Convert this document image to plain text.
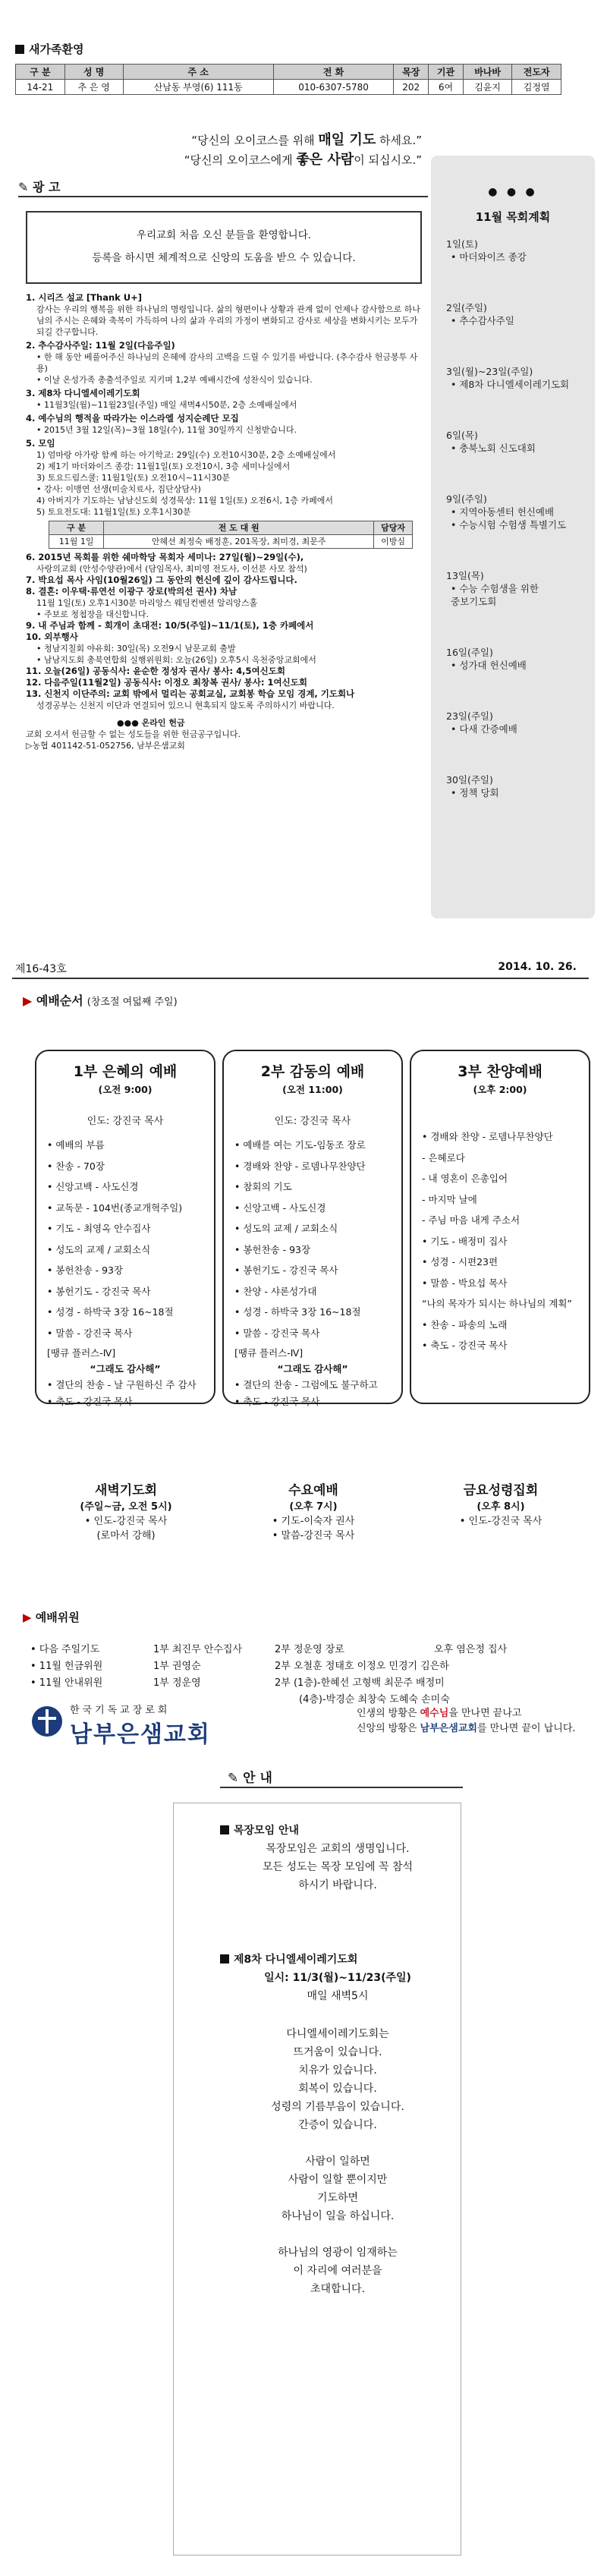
새가족환영
구 분	성 명	주 소	전 화	목장	기관	바나바	전도자
14-21	추 은 영	산남동 부영(6) 111동	010-6307-5780	202	6여	김윤지	김정열
“당신의 오이코스를 위해 매일 기도 하세요.”
“당신의 오이코스에게 좋은 사람이 되십시오.”
✎ 광 고
우리교회 처음 오신 분들을 환영합니다.
등록을 하시면 체계적으로 신앙의 도움을 받으 수 있습니다.

1. 시리즈 설교 [Thank U+]

감사는 우리의 행복을 위한 하나님의 명령입니다. 삶의 형편이나 상황과 관계 없이 언제나 감사함으로 하나님의 주시는 은혜와 축복이 가득하여 나의 삶과 우리의 가정이 변화되고 감사로 세상을 변화시키는 모두가 되길 간구합니다.

2. 추수감사주일: 11월 2일(다음주일)

• 한 해 동안 베풀어주신 하나님의 은혜에 감사의 고백을 드릴 수 있기를 바랍니다. (추수감사 헌금봉투 사용)

• 이날 온성가족 총출석주일로 지키며 1,2부 예배시간에 성찬식이 있습니다.

3. 제8차 다니엘세이레기도회

• 11월3일(월)~11월23일(주일) 매일 새벽4시50분, 2층 소예배실에서

4. 예수님의 행적을 따라가는 이스라엘 성지순례단 모집

• 2015년 3월 12일(목)~3월 18일(수), 11월 30일까지 신청받습니다.

5. 모임

1) 엄마랑 아가랑 함께 하는 아기학교: 29일(수) 오전10시30분, 2층 소예배실에서

2) 제1기 마더와이즈 종강: 11월1일(토) 오전10시, 3층 세미나실에서

3) 토요드림스쿨: 11월1일(토) 오전10시~11시30분

• 강사: 이맹연 선생(미술치료사, 집단상담사)

4) 아버지가 기도하는 남남신도회 성경묵상: 11월 1일(토) 오전6시, 1층 카페에서

5) 토요전도대: 11월1일(토) 오후1시30분

구 분	전 도 대 원	담당자
11월 1일	안혜선 최정숙 배정훈, 201목장, 최미경, 최문주	이방심

6. 2015년 목회를 위한 쉐마학당 목회자 세미나: 27일(월)~29일(수),

사랑의교회 (안성수양관)에서 (담임목사, 최미영 전도사, 이선분 사모 참석)

7. 박요섭 목사 사임(10월26일) 그 동안의 헌신에 깊이 감사드립니다.

8. 결혼: 이우택·류연선 이광구 장로(박의선 권사) 차남

11월 1일(토) 오후1시30분 마리앙스 웨딩컨벤션 알리앙스홀

• 주보로 청첩장을 대신합니다.

9. 내 주님과 함께 - 회개이 초대전: 10/5(주일)~11/1(토), 1층 카페에서

10. 외부행사

• 청남지칠회 야유회: 30일(목) 오전9시 남문교회 출발

• 남남지도회 총북연합회 실행위원회: 오늘(26일) 오후5시 옥천중앙교회에서

11. 오늘(26일) 공동식사: 윤순한 정성자 권사/ 봉사: 4,5여신도회

12. 다음주일(11월2일) 공동식사: 이정오 최창복 권사/ 봉사: 1여신도회

13. 신천지 이단주의: 교회 밖에서 멀리는 공회교실, 교회봉 학습 모임 경계, 기도회나

성경공부는 신천지 이단과 연결되어 있으니 현혹되지 않도록 주의하시기 바랍니다.

●●● 온라인 헌금

교회 오셔서 헌금할 수 없는 성도들을 위한 헌금공구입니다.

▷농협 401142-51-052756, 남부은샘교회

● ● ●
11월 목회계획
1일(토)
• 마더와이즈 종강
2일(주일)
• 추수감사주일
3일(월)~23일(주일)
• 제8차 다니엘세이레기도회
6일(목)
• 충북노회 신도대회
9일(주일)
• 지역아동센터 헌신예배
• 수능시험 수험생 특별기도
13일(목)
• 수능 수험생을 위한
중보기도회
16일(주일)
• 성가대 헌신예배
23일(주일)
• 다새 간증예배
30일(주일)
• 정책 당회
제16-43호	2014. 10. 26.
▶ 예배순서 (창조절 여덟째 주일)
1부 은혜의 예배
(오전 9:00)
인도: 강진국 목사
• 예배의 부름
• 찬송 - 70장
• 신앙고백 - 사도신경
• 교독문 - 104번(종교개혁주일)
• 기도 - 최영옥 안수집사
• 성도의 교제 / 교회소식
• 봉헌찬송 - 93장
• 봉헌기도 - 강진국 목사
• 성경 - 하박국 3장 16~18절
• 말씀 - 강진국 목사
[땡큐 플러스-Ⅳ]
“그래도 감사해”
• 결단의 찬송 - 날 구원하신 주 감사
• 축도 - 강진국 목사
2부 감동의 예배
(오전 11:00)
인도: 강진국 목사
• 예배를 여는 기도-임동조 장로
• 경배와 찬양 - 로뎀나무찬양단
• 참회의 기도
• 신앙고백 - 사도신경
• 성도의 교제 / 교회소식
• 봉헌찬송 - 93장
• 봉헌기도 - 강진국 목사
• 찬양 - 샤론성가대
• 성경 - 하박국 3장 16~18절
• 말씀 - 강진국 목사
[땡큐 플러스-Ⅳ]
“그래도 감사해”
• 결단의 찬송 - 그럼에도 불구하고
• 축도 - 강진국 목사
3부 찬양예배
(오후 2:00)
• 경배와 찬양 - 로뎀나무찬양단
- 은혜로다
- 내 영혼이 은총입어
- 마지막 날에
- 주님 마음 내게 주소서
• 기도 - 배정미 집사
• 성경 - 시편23편
• 말씀 - 박요섭 목사
“나의 목자가 되시는 하나님의 계획”
• 찬송 - 파송의 노래
• 축도 - 강진국 목사
새벽기도회
(주일~금, 오전 5시)
• 인도-강진국 목사
(로마서 강해)
수요예배
(오후 7시)
• 기도-이숙자 권사
• 말씀-강진국 목사
금요성령집회
(오후 8시)
• 인도-강진국 목사
▶ 예배위원
• 다음 주일기도	1부 최진무 안수집사	2부 정운영 장로	오후 염은정 집사
• 11월 헌금위원	1부 권영순	2부 오철훈 정태호 이정오 민경기 김은하
• 11월 안내위원	1부 정운영	2부 (1층)-한혜선 고형백 최문주 배정미
(4층)-박경순 최창숙 도혜숙 손미숙
한국기독교장로회
남부은샘교회
인생의 방황은 예수님을 만나면 끝나고
신앙의 방황은 남부은샘교회를 만나면 끝이 납니다.
✎ 안 내
목장모임 안내
목장모임은 교회의 생명입니다.
모든 성도는 목장 모임에 꼭 참석
하시기 바랍니다.
제8차 다니엘세이레기도회
일시: 11/3(월)~11/23(주일)
매일 새벽5시
다니엘세이레기도회는
뜨거움이 있습니다.
치유가 있습니다.
회복이 있습니다.
성령의 기름부음이 있습니다.
간증이 있습니다.
사람이 일하면
사람이 일할 뿐이지만
기도하면
하나님이 일을 하십니다.
하나님의 영광이 임재하는
이 자리에 여러분을
초대합니다.
